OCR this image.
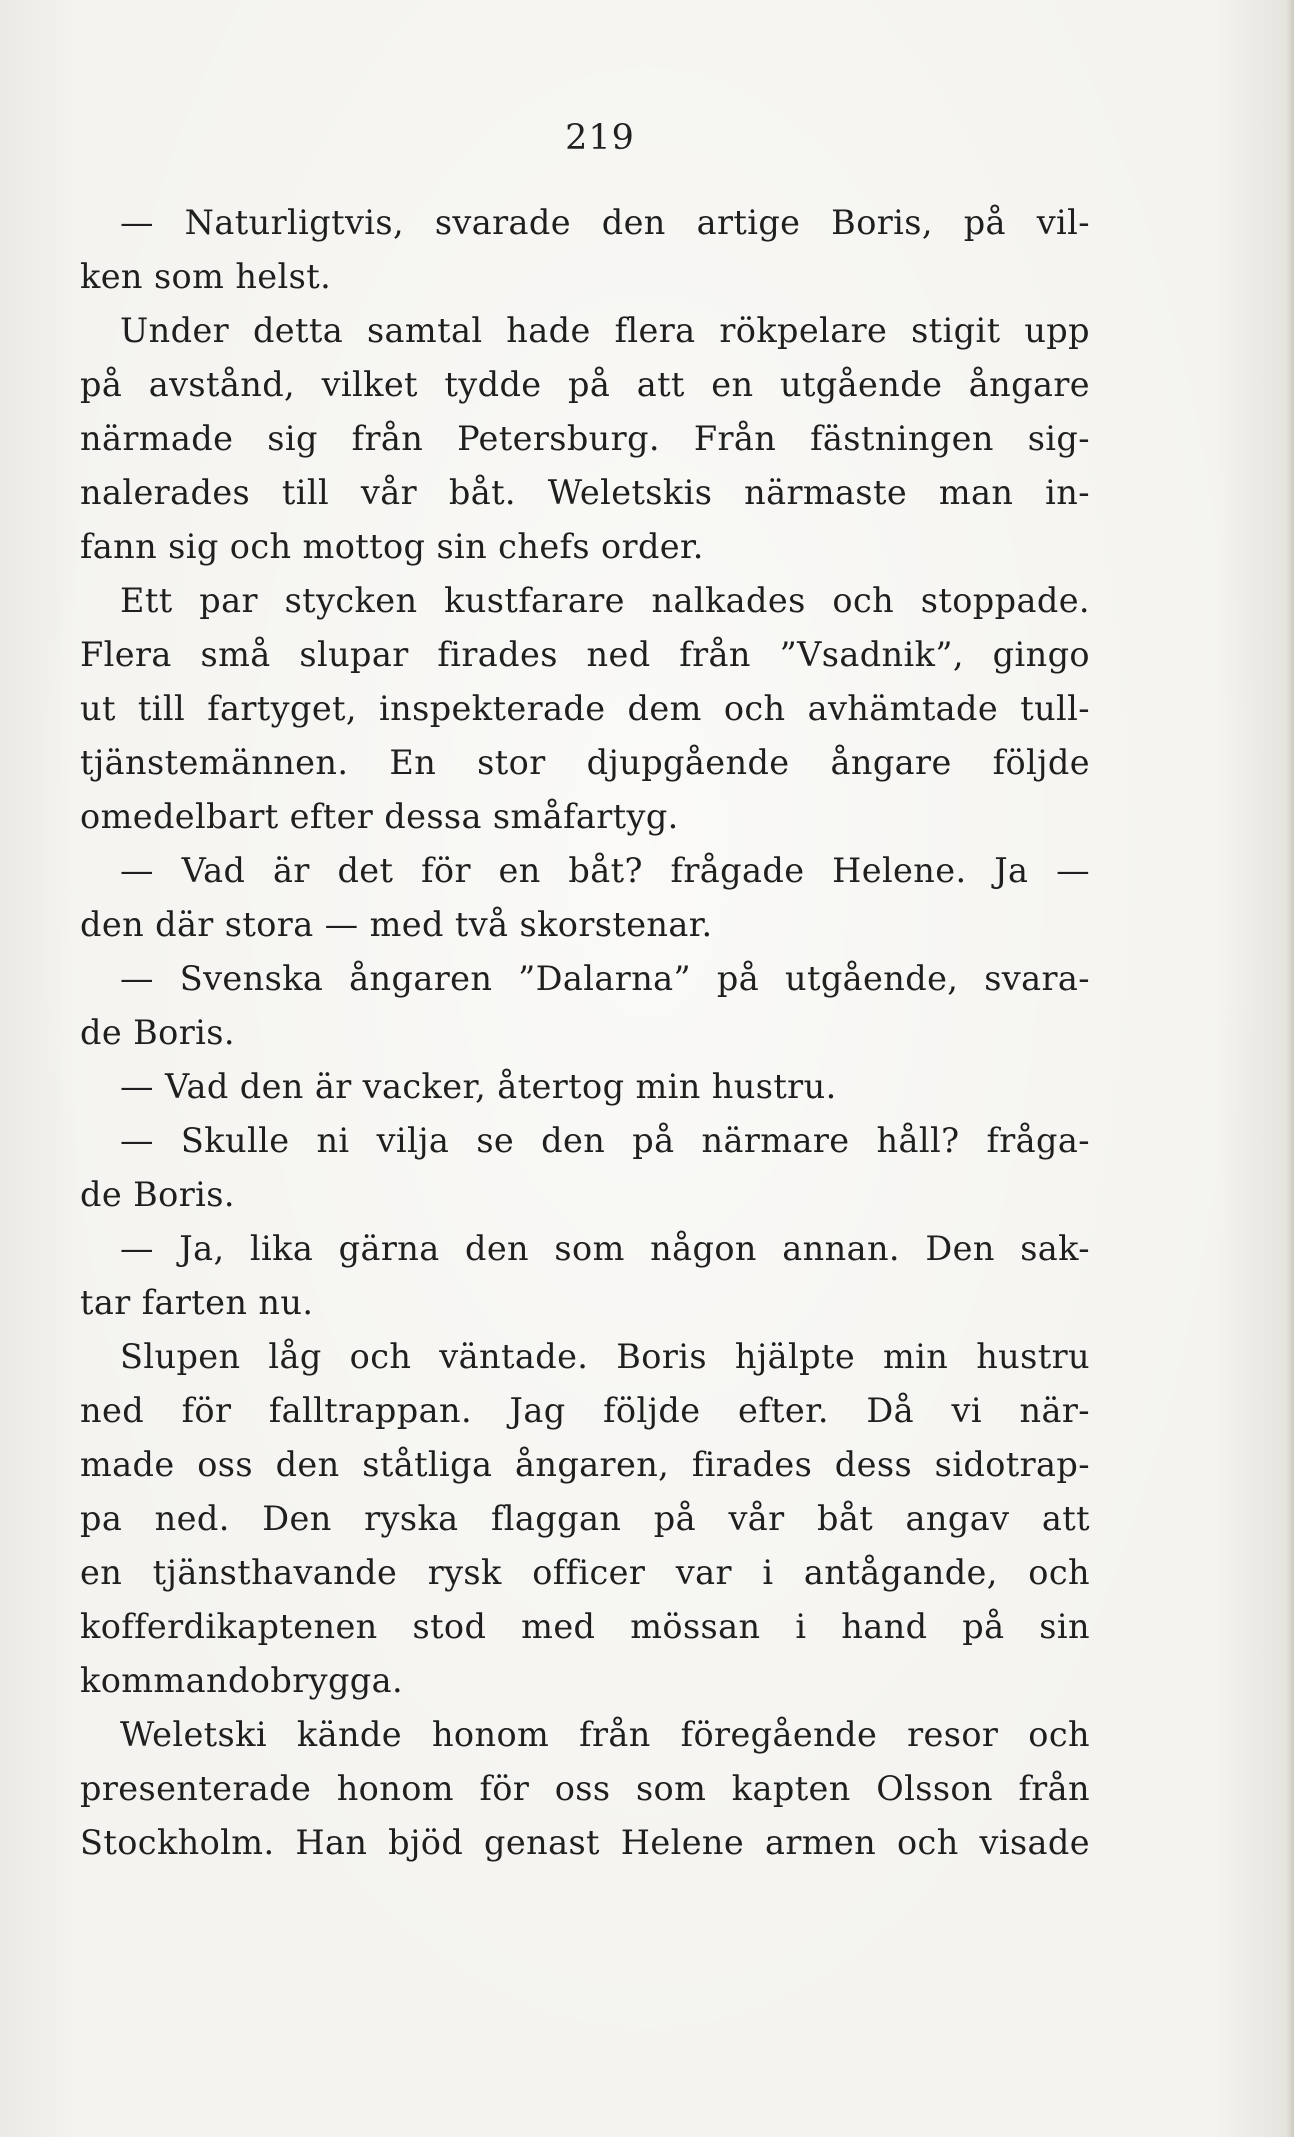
219
— Naturligtvis, svarade den artige Boris, på vil-
ken som helst.
Under detta samtal hade flera rökpelare stigit upp
på avstånd, vilket tydde på att en utgående ångare
närmade sig från Petersburg. Från fästningen sig-
nalerades till vår båt. Weletskis närmaste man in-
fann sig och mottog sin chefs order.
Ett par stycken kustfarare nalkades och stoppade.
Flera små slupar firades ned från ”Vsadnik”, gingo
ut till fartyget, inspekterade dem och avhämtade tull-
tjänstemännen. En stor djupgående ångare följde
omedelbart efter dessa småfartyg.
— Vad är det för en båt? frågade Helene. Ja —
den där stora — med två skorstenar.
— Svenska ångaren ”Dalarna” på utgående, svara-
de Boris.
— Vad den är vacker, återtog min hustru.
— Skulle ni vilja se den på närmare håll? fråga-
de Boris.
— Ja, lika gärna den som någon annan. Den sak-
tar farten nu.
Slupen låg och väntade. Boris hjälpte min hustru
ned för falltrappan. Jag följde efter. Då vi när-
made oss den ståtliga ångaren, firades dess sidotrap-
pa ned. Den ryska flaggan på vår båt angav att
en tjänsthavande rysk officer var i antågande, och
kofferdikaptenen stod med mössan i hand på sin
kommandobrygga.
Weletski kände honom från föregående resor och
presenterade honom för oss som kapten Olsson från
Stockholm. Han bjöd genast Helene armen och visade
